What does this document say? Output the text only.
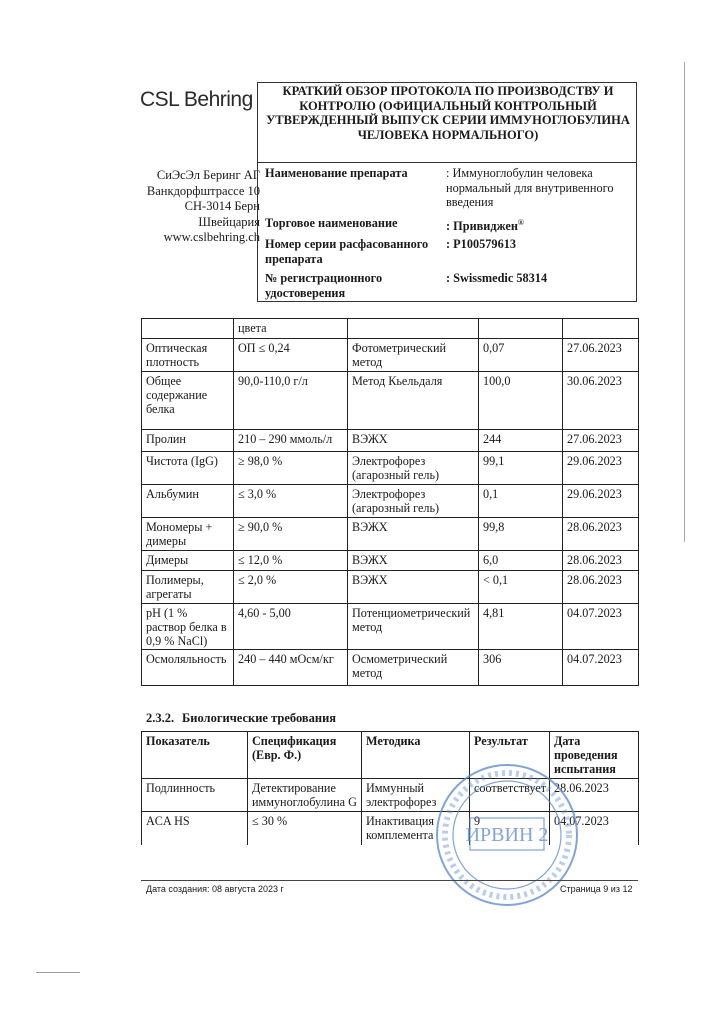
CSL Behring
СиЭсЭл Беринг АГ
Ванкдорфштрассе 10
CH-3014 Берн
Швейцария
www.cslbehring.ch
КРАТКИЙ ОБЗОР ПРОТОКОЛА ПО ПРОИЗВОДСТВУ И КОНТРОЛЮ (ОФИЦИАЛЬНЫЙ КОНТРОЛЬНЫЙ УТВЕРЖДЕННЫЙ ВЫПУСК СЕРИИ ИММУНОГЛОБУЛИНА ЧЕЛОВЕКА НОРМАЛЬНОГО)
Наименование препарата	: Иммуноглобулин человека нормальный для внутривенного введения
Торговое наименование	: Привиджен®
Номер серии расфасованного препарата
: P100579613
№ регистрационного удостоверения
: Swissmedic 58314
	цвета			
Оптическая плотность	ОП ≤ 0,24	Фотометрический метод	0,07	27.06.2023
Общее содержание белка	90,0-110,0 г/л	Метод Кьельдаля	100,0	30.06.2023
Пролин	210 – 290 ммоль/л	ВЭЖХ	244	27.06.2023
Чистота (IgG)	≥ 98,0 %	Электрофорез (агарозный гель)	99,1	29.06.2023
Альбумин	≤ 3,0 %	Электрофорез (агарозный гель)	0,1	29.06.2023
Мономеры + димеры	≥ 90,0 %	ВЭЖХ	99,8	28.06.2023
Димеры	≤ 12,0 %	ВЭЖХ	6,0	28.06.2023
Полимеры, агрегаты	≤ 2,0 %	ВЭЖХ	< 0,1	28.06.2023
pH (1 % раствор белка в 0,9 % NaCl)	4,60 - 5,00	Потенциометрический метод	4,81	04.07.2023
Осмоляльность	240 – 440 мОсм/кг	Осмометрический метод	306	04.07.2023
2.3.2. Биологические требования
Показатель	Спецификация (Евр. Ф.)	Методика	Результат	Дата проведения испытания
Подлинность	Детектирование иммуноглобулина G	Иммунный электрофорез	соответствует	28.06.2023
ACA HS	≤ 30 %	Инактивация комплемента	9	04.07.2023
ИРВИН 2
Дата создания: 08 августа 2023 г	Страница 9 из 12
